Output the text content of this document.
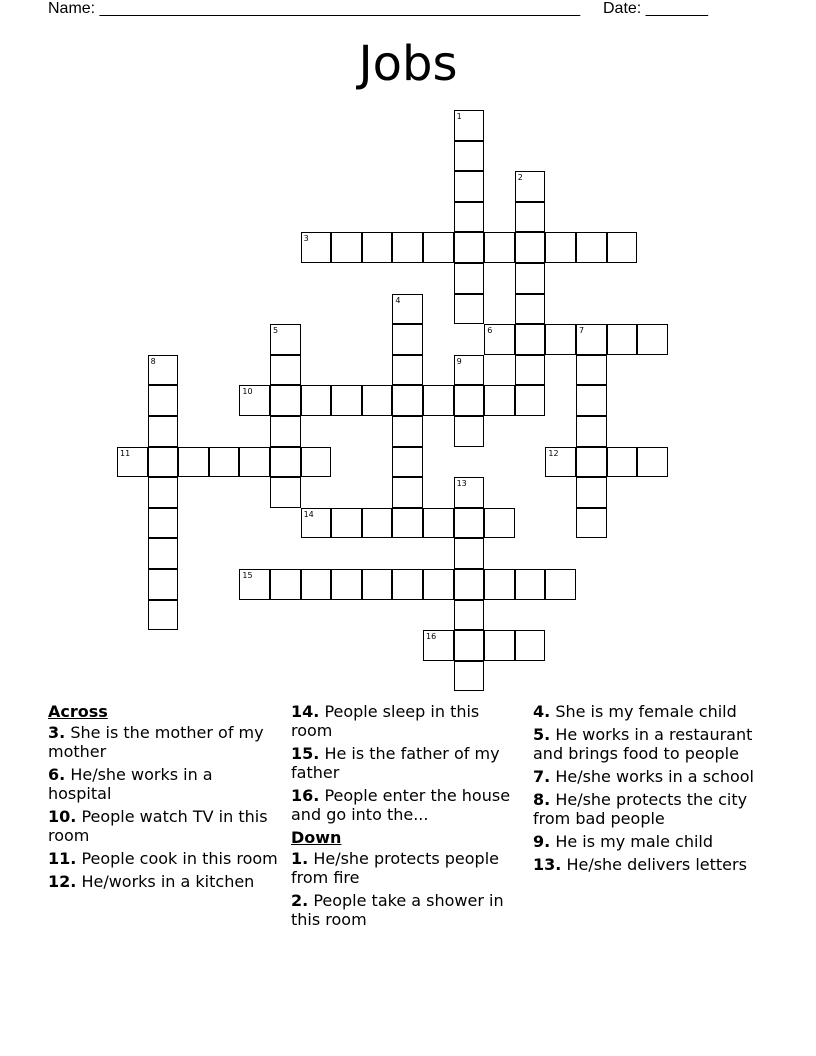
Name: ______________________________________________________ Date: _______
Jobs
1
2
3
4
5	6	7
8	9
10
11	12
13
14
15
16
Across
3. She is the mother of my mother
6. He/she works in a hospital
10. People watch TV in this room
11. People cook in this room
12. He/works in a kitchen
14. People sleep in this room
15. He is the father of my father
16. People enter the house and go into the...
Down
1. He/she protects people from fire
2. People take a shower in this room
4. She is my female child
5. He works in a restaurant and brings food to people
7. He/she works in a school
8. He/she protects the city from bad people
9. He is my male child
13. He/she delivers letters
